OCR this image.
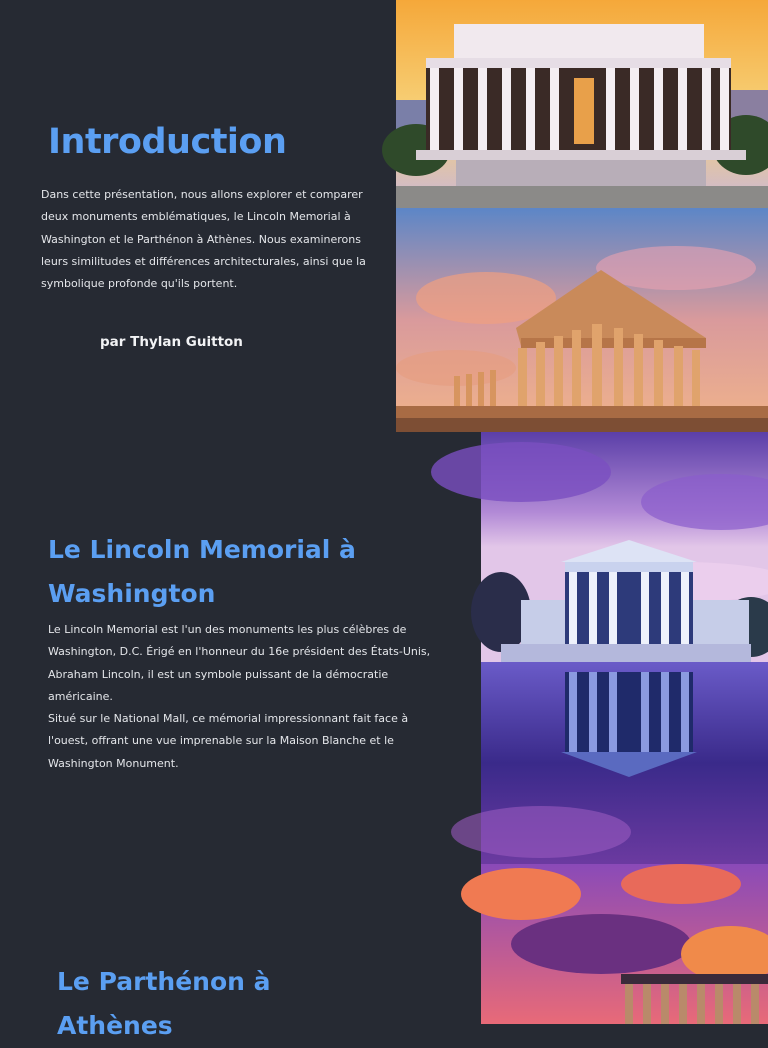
Introduction

Dans cette présentation, nous allons explorer et comparer deux monuments emblématiques, le Lincoln Memorial à Washington et le Parthénon à Athènes. Nous examinerons leurs similitudes et différences architecturales, ainsi que la symbolique profonde qu'ils portent.

par Thylan Guitton

Le Lincoln Memorial à Washington

Le Lincoln Memorial est l'un des monuments les plus célèbres de Washington, D.C. Érigé en l'honneur du 16e président des États-Unis, Abraham Lincoln, il est un symbole puissant de la démocratie américaine.

Situé sur le National Mall, ce mémorial impressionnant fait face à l'ouest, offrant une vue imprenable sur la Maison Blanche et le Washington Monument.

Le Parthénon à Athènes
